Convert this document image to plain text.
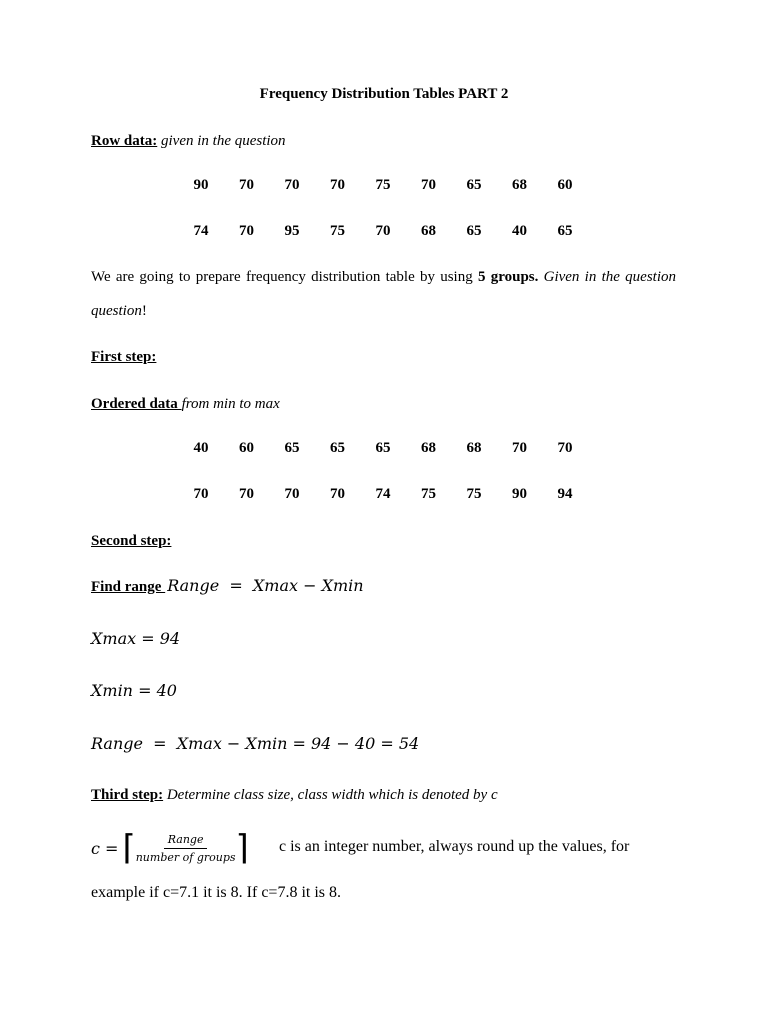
Frequency Distribution Tables PART 2
Row data: given in the question
90	70	70	70	75	70	65	68	60
74	70	95	75	70	68	65	40	65
We are going to prepare frequency distribution table by using 5 groups. Given in the question
question!
First step:
Ordered data from min to max
40	60	65	65	65	68	68	70	70
70	70	70	70	74	75	75	90	94
Second step:
Find range Range  =  Xmax − Xmin
Xmax = 94
Xmin = 40
Range  =  Xmax − Xmin = 94 − 40 = 54
Third step: Determine class size, class width which is denoted by c
c = ⌈ $\frac{\text{Range}}{\text{number of groups}}$ ⌉ c is an integer number, always round up the values, for
example if c=7.1 it is 8. If c=7.8 it is 8.
